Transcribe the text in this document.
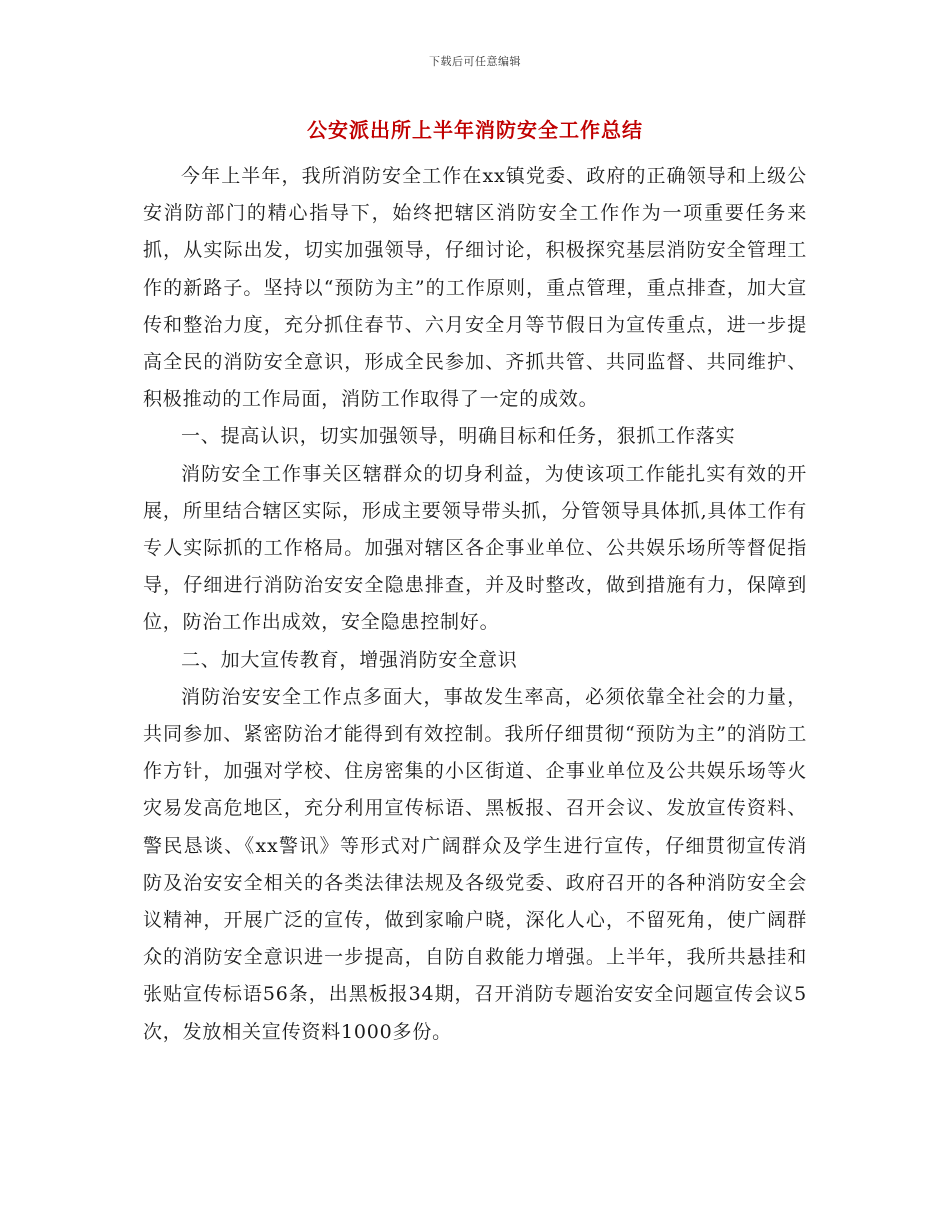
下载后可任意编辑
公安派出所上半年消防安全工作总结

今年上半年，我所消防安全工作在xx镇党委、政府的正确领导和上级公安消防部门的精心指导下，始终把辖区消防安全工作作为一项重要任务来抓，从实际出发，切实加强领导，仔细讨论，积极探究基层消防安全管理工作的新路子。坚持以“预防为主”的工作原则，重点管理，重点排查，加大宣传和整治力度，充分抓住春节、六月安全月等节假日为宣传重点，进一步提高全民的消防安全意识，形成全民参加、齐抓共管、共同监督、共同维护、积极推动的工作局面，消防工作取得了一定的成效。

一、提高认识，切实加强领导，明确目标和任务，狠抓工作落实

消防安全工作事关区辖群众的切身利益，为使该项工作能扎实有效的开展，所里结合辖区实际，形成主要领导带头抓，分管领导具体抓,具体工作有专人实际抓的工作格局。加强对辖区各企事业单位、公共娱乐场所等督促指导，仔细进行消防治安安全隐患排查，并及时整改，做到措施有力，保障到位，防治工作出成效，安全隐患控制好。

二、加大宣传教育，增强消防安全意识

消防治安安全工作点多面大，事故发生率高，必须依靠全社会的力量，共同参加、紧密防治才能得到有效控制。我所仔细贯彻“预防为主”的消防工作方针，加强对学校、住房密集的小区街道、企事业单位及公共娱乐场等火灾易发高危地区，充分利用宣传标语、黑板报、召开会议、发放宣传资料、警民恳谈、《xx警讯》等形式对广阔群众及学生进行宣传，仔细贯彻宣传消防及治安安全相关的各类法律法规及各级党委、政府召开的各种消防安全会议精神，开展广泛的宣传，做到家喻户晓，深化人心，不留死角，使广阔群众的消防安全意识进一步提高，自防自救能力增强。上半年，我所共悬挂和张贴宣传标语56条，出黑板报34期，召开消防专题治安安全问题宣传会议5次，发放相关宣传资料1000多份。
